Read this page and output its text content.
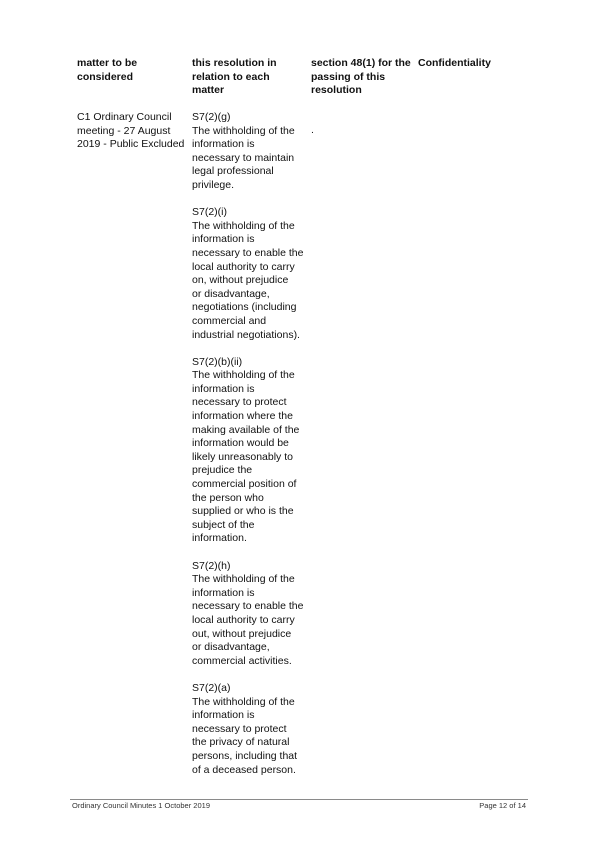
matter to be
considered
this resolution in
relation to each matter
section 48(1) for the
passing of this
resolution
Confidentiality
C1 Ordinary Council
meeting - 27 August
2019 - Public Excluded
S7(2)(g)
The withholding of the
information is
necessary to maintain
legal professional
privilege.
S7(2)(i)
The withholding of the
information is
necessary to enable the
local authority to carry
on, without prejudice
or disadvantage,
negotiations (including
commercial and
industrial negotiations).
S7(2)(b)(ii)
The withholding of the
information is
necessary to protect
information where the
making available of the
information would be
likely unreasonably to
prejudice the
commercial position of
the person who
supplied or who is the
subject of the
information.
S7(2)(h)
The withholding of the
information is
necessary to enable the
local authority to carry
out, without prejudice
or disadvantage,
commercial activities.
S7(2)(a)
The withholding of the
information is
necessary to protect
the privacy of natural
persons, including that
of a deceased person.
.
Ordinary Council Minutes 1 October 2019	Page 12 of 14
